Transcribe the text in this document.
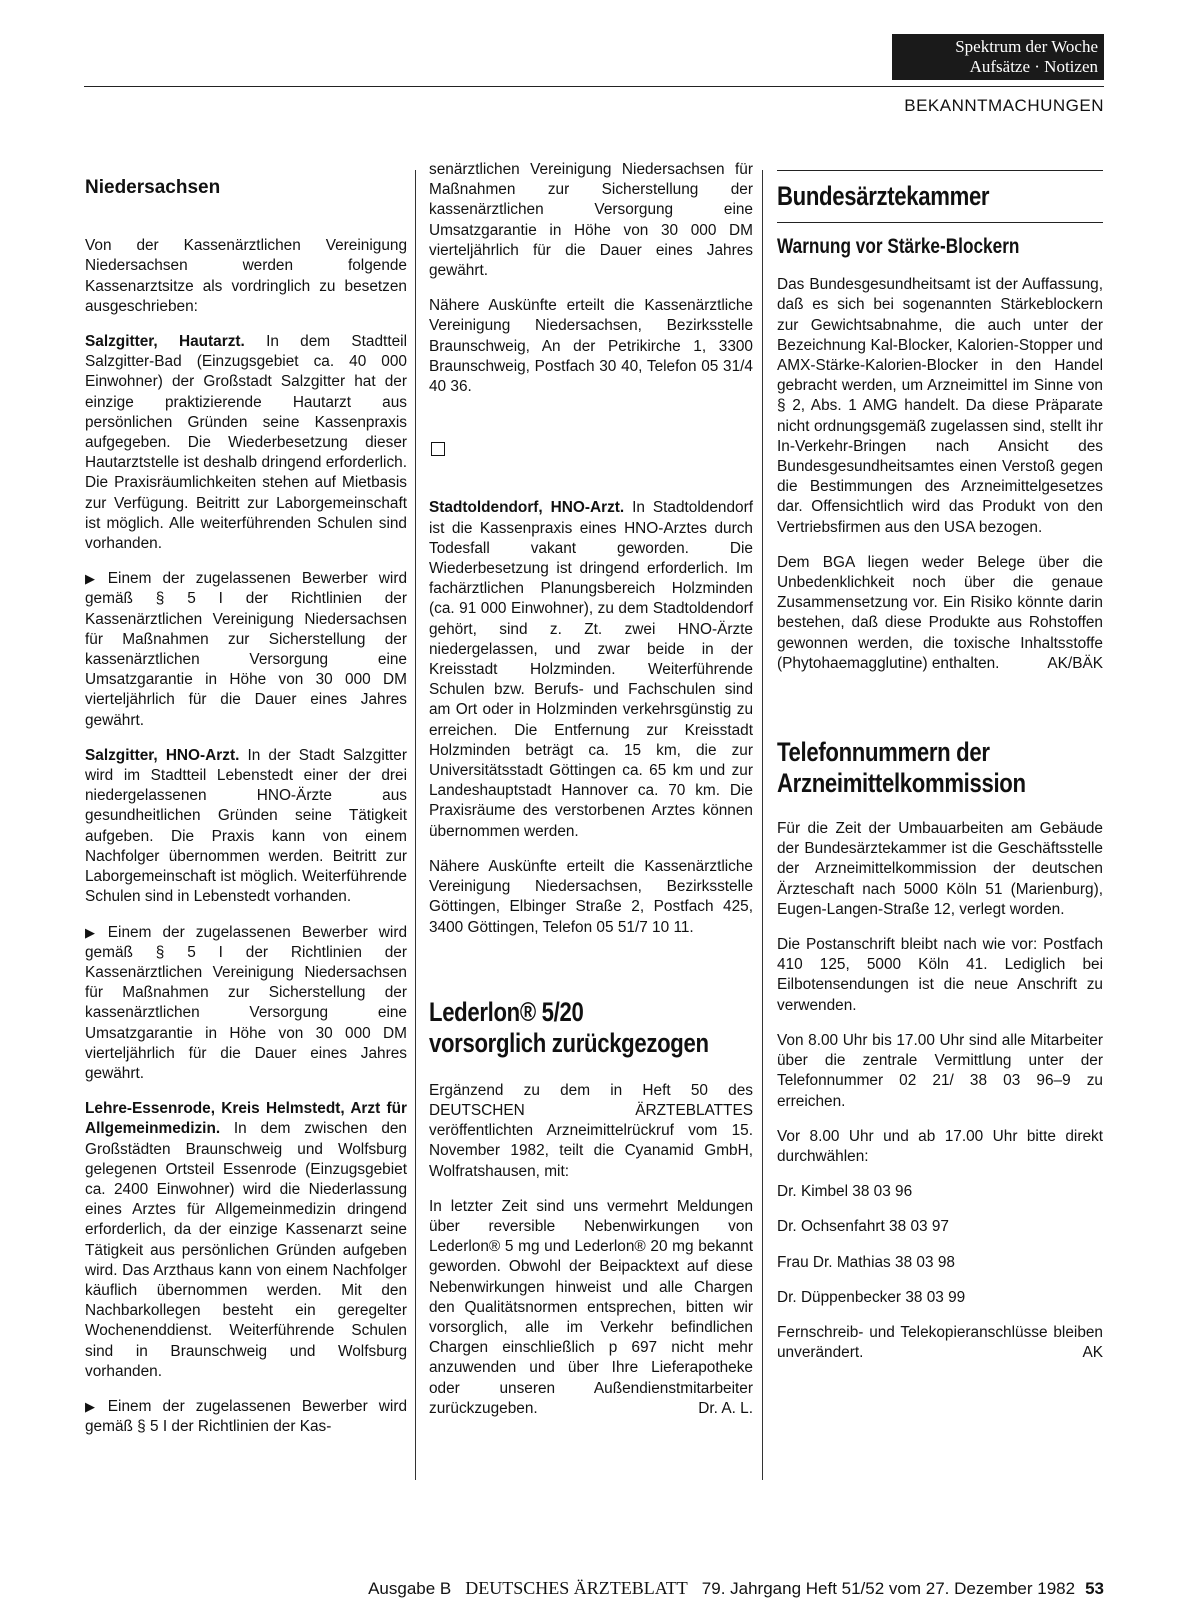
Spektrum der Woche
Aufsätze · Notizen
BEKANNTMACHUNGEN
Niedersachsen

Von der Kassenärztlichen Vereinigung Niedersachsen werden folgende Kassenarztsitze als vordringlich zu besetzen ausgeschrieben:

Salzgitter, Hautarzt. In dem Stadtteil Salzgitter-Bad (Einzugsgebiet ca. 40 000 Einwohner) der Großstadt Salzgitter hat der einzige praktizierende Hautarzt aus persönlichen Gründen seine Kassenpraxis aufgegeben. Die Wiederbesetzung dieser Hautarztstelle ist deshalb dringend erforderlich. Die Praxisräumlichkeiten stehen auf Mietbasis zur Verfügung. Beitritt zur Laborgemeinschaft ist möglich. Alle weiterführenden Schulen sind vorhanden.

▶ Einem der zugelassenen Bewerber wird gemäß § 5 I der Richtlinien der Kassenärztlichen Vereinigung Niedersachsen für Maßnahmen zur Sicherstellung der kassenärztlichen Versorgung eine Umsatzgarantie in Höhe von 30 000 DM vierteljährlich für die Dauer eines Jahres gewährt.

Salzgitter, HNO-Arzt. In der Stadt Salzgitter wird im Stadtteil Lebenstedt einer der drei niedergelassenen HNO-Ärzte aus gesundheitlichen Gründen seine Tätigkeit aufgeben. Die Praxis kann von einem Nachfolger übernommen werden. Beitritt zur Laborgemeinschaft ist möglich. Weiterführende Schulen sind in Lebenstedt vorhanden.

▶ Einem der zugelassenen Bewerber wird gemäß § 5 I der Richtlinien der Kassenärztlichen Vereinigung Niedersachsen für Maßnahmen zur Sicherstellung der kassenärztlichen Versorgung eine Umsatzgarantie in Höhe von 30 000 DM vierteljährlich für die Dauer eines Jahres gewährt.

Lehre-Essenrode, Kreis Helmstedt, Arzt für Allgemeinmedizin. In dem zwischen den Großstädten Braunschweig und Wolfsburg gelegenen Ortsteil Essenrode (Einzugsgebiet ca. 2400 Einwohner) wird die Niederlassung eines Arztes für Allgemeinmedizin dringend erforderlich, da der einzige Kassenarzt seine Tätigkeit aus persönlichen Gründen aufgeben wird. Das Arzthaus kann von einem Nachfolger käuflich übernommen werden. Mit den Nachbarkollegen besteht ein geregelter Wochenenddienst. Weiterführende Schulen sind in Braunschweig und Wolfsburg vorhanden.

▶ Einem der zugelassenen Bewerber wird gemäß § 5 I der Richtlinien der Kas-

senärztlichen Vereinigung Niedersachsen für Maßnahmen zur Sicherstellung der kassenärztlichen Versorgung eine Umsatzgarantie in Höhe von 30 000 DM vierteljährlich für die Dauer eines Jahres gewährt.

Nähere Auskünfte erteilt die Kassenärztliche Vereinigung Niedersachsen, Bezirksstelle Braunschweig, An der Petrikirche 1, 3300 Braunschweig, Postfach 30 40, Telefon 05 31/4 40 36.

Stadtoldendorf, HNO-Arzt. In Stadtoldendorf ist die Kassenpraxis eines HNO-Arztes durch Todesfall vakant geworden. Die Wiederbesetzung ist dringend erforderlich. Im fachärztlichen Planungsbereich Holzminden (ca. 91 000 Einwohner), zu dem Stadtoldendorf gehört, sind z. Zt. zwei HNO-Ärzte niedergelassen, und zwar beide in der Kreisstadt Holzminden. Weiterführende Schulen bzw. Berufs- und Fachschulen sind am Ort oder in Holzminden verkehrsgünstig zu erreichen. Die Entfernung zur Kreisstadt Holzminden beträgt ca. 15 km, die zur Universitätsstadt Göttingen ca. 65 km und zur Landeshauptstadt Hannover ca. 70 km. Die Praxisräume des verstorbenen Arztes können übernommen werden.

Nähere Auskünfte erteilt die Kassenärztliche Vereinigung Niedersachsen, Bezirksstelle Göttingen, Elbinger Straße 2, Postfach 425, 3400 Göttingen, Telefon 05 51/7 10 11.

Lederlon® 5/20
vorsorglich zurückgezogen

Ergänzend zu dem in Heft 50 des DEUTSCHEN ÄRZTEBLATTES veröffentlichten Arzneimittelrückruf vom 15. November 1982, teilt die Cyanamid GmbH, Wolfratshausen, mit:

In letzter Zeit sind uns vermehrt Meldungen über reversible Nebenwirkungen von Lederlon® 5 mg und Lederlon® 20 mg bekannt geworden. Obwohl der Beipacktext auf diese Nebenwirkungen hinweist und alle Chargen den Qualitätsnormen entsprechen, bitten wir vorsorglich, alle im Verkehr befindlichen Chargen einschließlich p 697 nicht mehr anzuwenden und über Ihre Lieferapotheke oder unseren Außendienstmitarbeiter zurückzugeben.	Dr. A. L.

Bundesärztekammer
Warnung vor Stärke-Blockern

Das Bundesgesundheitsamt ist der Auffassung, daß es sich bei sogenannten Stärkeblockern zur Gewichtsabnahme, die auch unter der Bezeichnung Kal-Blocker, Kalorien-Stopper und AMX-Stärke-Kalorien-Blocker in den Handel gebracht werden, um Arzneimittel im Sinne von § 2, Abs. 1 AMG handelt. Da diese Präparate nicht ordnungsgemäß zugelassen sind, stellt ihr In-Verkehr-Bringen nach Ansicht des Bundesgesundheitsamtes einen Verstoß gegen die Bestimmungen des Arzneimittelgesetzes dar. Offensichtlich wird das Produkt von den Vertriebsfirmen aus den USA bezogen.

Dem BGA liegen weder Belege über die Unbedenklichkeit noch über die genaue Zusammensetzung vor. Ein Risiko könnte darin bestehen, daß diese Produkte aus Rohstoffen gewonnen werden, die toxische Inhaltsstoffe (Phytohaemagglutine) enthalten.	AK/BÄK

Telefonnummern der
Arzneimittelkommission

Für die Zeit der Umbauarbeiten am Gebäude der Bundesärztekammer ist die Geschäftsstelle der Arzneimittelkommission der deutschen Ärzteschaft nach 5000 Köln 51 (Marienburg), Eugen-Langen-Straße 12, verlegt worden.

Die Postanschrift bleibt nach wie vor: Postfach 410 125, 5000 Köln 41. Lediglich bei Eilbotensendungen ist die neue Anschrift zu verwenden.

Von 8.00 Uhr bis 17.00 Uhr sind alle Mitarbeiter über die zentrale Vermittlung unter der Telefonnummer 02 21/ 38 03 96–9 zu erreichen.

Vor 8.00 Uhr und ab 17.00 Uhr bitte direkt durchwählen:

Dr. Kimbel 38 03 96

Dr. Ochsenfahrt 38 03 97

Frau Dr. Mathias 38 03 98

Dr. Düppenbecker 38 03 99

Fernschreib- und Telekopieranschlüsse bleiben unverändert.	AK

Ausgabe B DEUTSCHES ÄRZTEBLATT 79. Jahrgang Heft 51/52 vom 27. Dezember 1982 53
